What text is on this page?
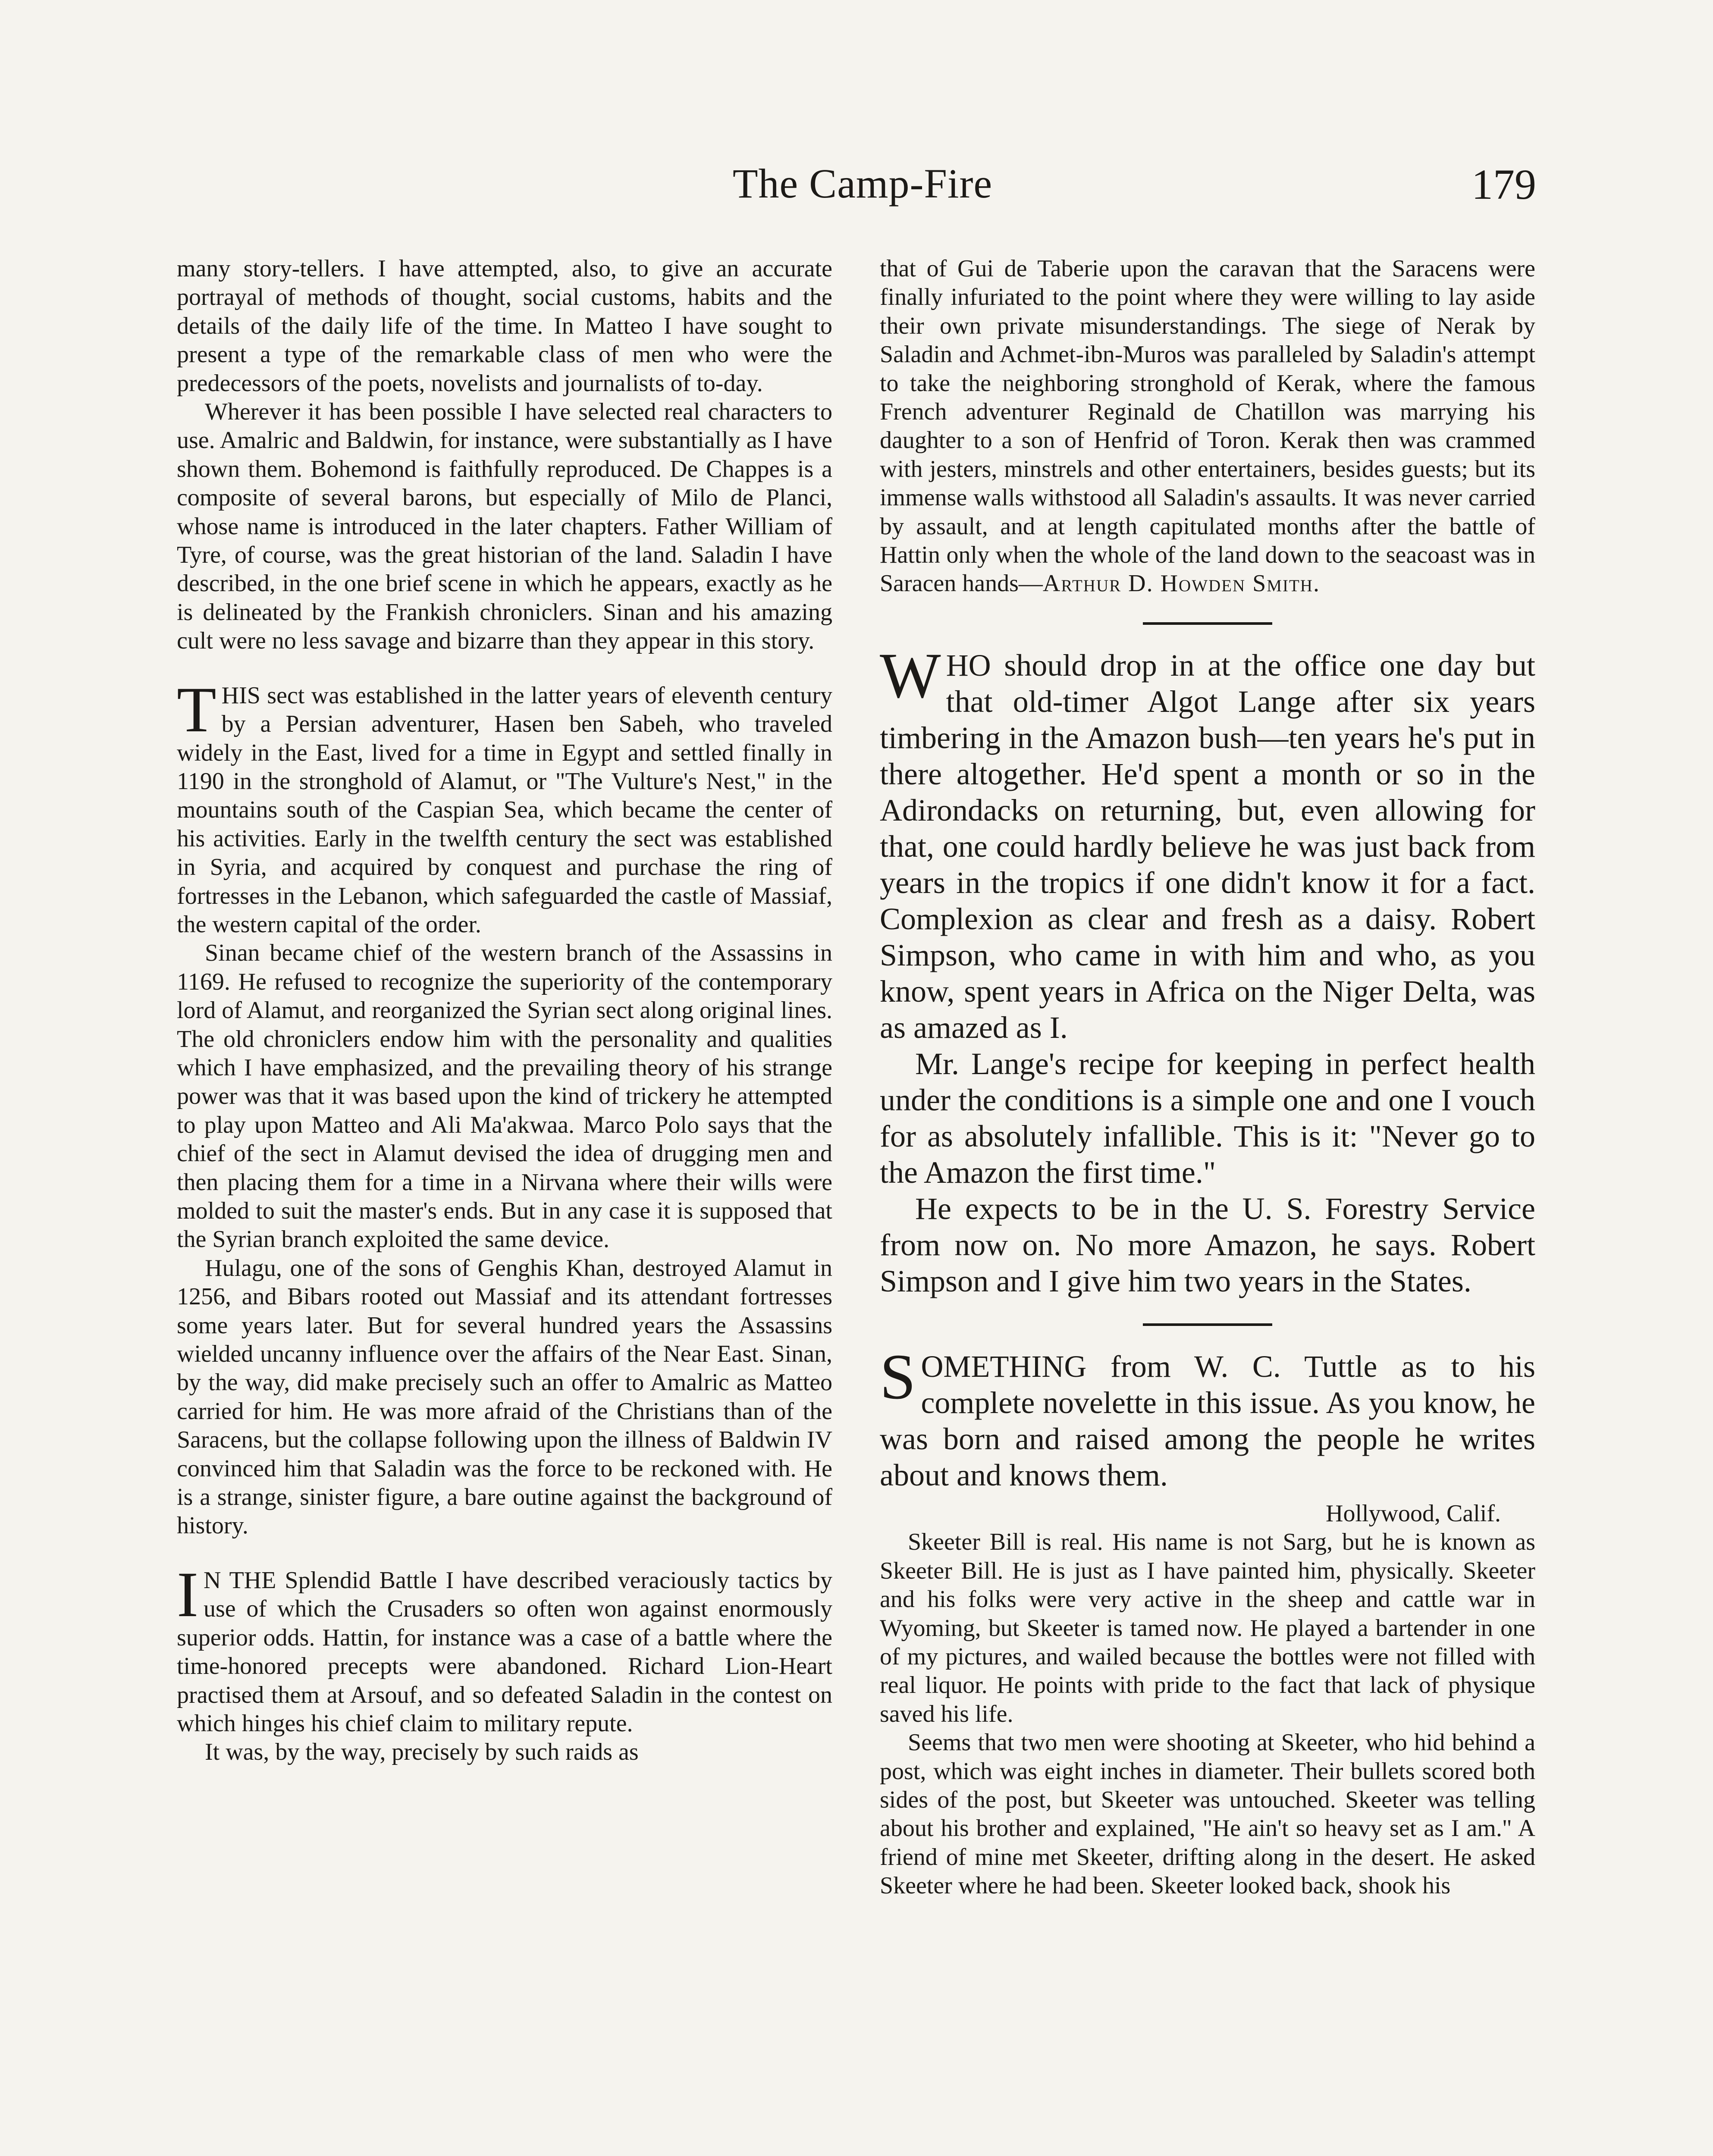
The Camp-Fire	179

many story-tellers. I have attempted, also, to give an accurate portrayal of methods of thought, social customs, habits and the details of the daily life of the time. In Matteo I have sought to present a type of the remarkable class of men who were the predecessors of the poets, novelists and journalists of to-day.

Wherever it has been possible I have selected real characters to use. Amalric and Baldwin, for instance, were substantially as I have shown them. Bohemond is faithfully reproduced. De Chappes is a composite of several barons, but especially of Milo de Planci, whose name is introduced in the later chapters. Father William of Tyre, of course, was the great historian of the land. Saladin I have described, in the one brief scene in which he appears, exactly as he is delineated by the Frankish chroniclers. Sinan and his amazing cult were no less savage and bizarre than they appear in this story.

THIS sect was established in the latter years of eleventh century by a Persian adventurer, Hasen ben Sabeh, who traveled widely in the East, lived for a time in Egypt and settled finally in 1190 in the stronghold of Alamut, or "The Vulture's Nest," in the mountains south of the Caspian Sea, which became the center of his activities. Early in the twelfth century the sect was established in Syria, and acquired by conquest and purchase the ring of fortresses in the Lebanon, which safeguarded the castle of Massiaf, the western capital of the order.

Sinan became chief of the western branch of the Assassins in 1169. He refused to recognize the superiority of the contemporary lord of Alamut, and reorganized the Syrian sect along original lines. The old chroniclers endow him with the personality and qualities which I have emphasized, and the prevailing theory of his strange power was that it was based upon the kind of trickery he attempted to play upon Matteo and Ali Ma'akwaa. Marco Polo says that the chief of the sect in Alamut devised the idea of drugging men and then placing them for a time in a Nirvana where their wills were molded to suit the master's ends. But in any case it is supposed that the Syrian branch exploited the same device.

Hulagu, one of the sons of Genghis Khan, destroyed Alamut in 1256, and Bibars rooted out Massiaf and its attendant fortresses some years later. But for several hundred years the Assassins wielded uncanny influence over the affairs of the Near East. Sinan, by the way, did make precisely such an offer to Amalric as Matteo carried for him. He was more afraid of the Christians than of the Saracens, but the collapse following upon the illness of Baldwin IV convinced him that Saladin was the force to be reckoned with. He is a strange, sinister figure, a bare outine against the background of history.

I N THE Splendid Battle I have described veraciously tactics by use of which the Crusaders so often won against enormously superior odds. Hattin, for instance was a case of a battle where the time-honored precepts were abandoned. Richard Lion-Heart practised them at Arsouf, and so defeated Saladin in the contest on which hinges his chief claim to military repute.

It was, by the way, precisely by such raids as

that of Gui de Taberie upon the caravan that the Saracens were finally infuriated to the point where they were willing to lay aside their own private misunderstandings. The siege of Nerak by Saladin and Achmet-ibn-Muros was paralleled by Saladin's attempt to take the neighboring stronghold of Kerak, where the famous French adventurer Reginald de Chatillon was marrying his daughter to a son of Henfrid of Toron. Kerak then was crammed with jesters, minstrels and other entertainers, besides guests; but its immense walls withstood all Saladin's assaults. It was never carried by assault, and at length capitulated months after the battle of Hattin only when the whole of the land down to the seacoast was in Saracen hands—Arthur D. Howden Smith.

WHO should drop in at the office one day but that old-timer Algot Lange after six years timbering in the Amazon bush—ten years he's put in there altogether. He'd spent a month or so in the Adirondacks on returning, but, even allowing for that, one could hardly believe he was just back from years in the tropics if one didn't know it for a fact. Complexion as clear and fresh as a daisy. Robert Simpson, who came in with him and who, as you know, spent years in Africa on the Niger Delta, was as amazed as I.

Mr. Lange's recipe for keeping in perfect health under the conditions is a simple one and one I vouch for as absolutely infallible. This is it: "Never go to the Amazon the first time."

He expects to be in the U. S. Forestry Service from now on. No more Amazon, he says. Robert Simpson and I give him two years in the States.

SOMETHING from W. C. Tuttle as to his complete novelette in this issue. As you know, he was born and raised among the people he writes about and knows them.

Hollywood, Calif.

Skeeter Bill is real. His name is not Sarg, but he is known as Skeeter Bill. He is just as I have painted him, physically. Skeeter and his folks were very active in the sheep and cattle war in Wyoming, but Skeeter is tamed now. He played a bartender in one of my pictures, and wailed because the bottles were not filled with real liquor. He points with pride to the fact that lack of physique saved his life.

Seems that two men were shooting at Skeeter, who hid behind a post, which was eight inches in diameter. Their bullets scored both sides of the post, but Skeeter was untouched. Skeeter was telling about his brother and explained, "He ain't so heavy set as I am." A friend of mine met Skeeter, drifting along in the desert. He asked Skeeter where he had been. Skeeter looked back, shook his
